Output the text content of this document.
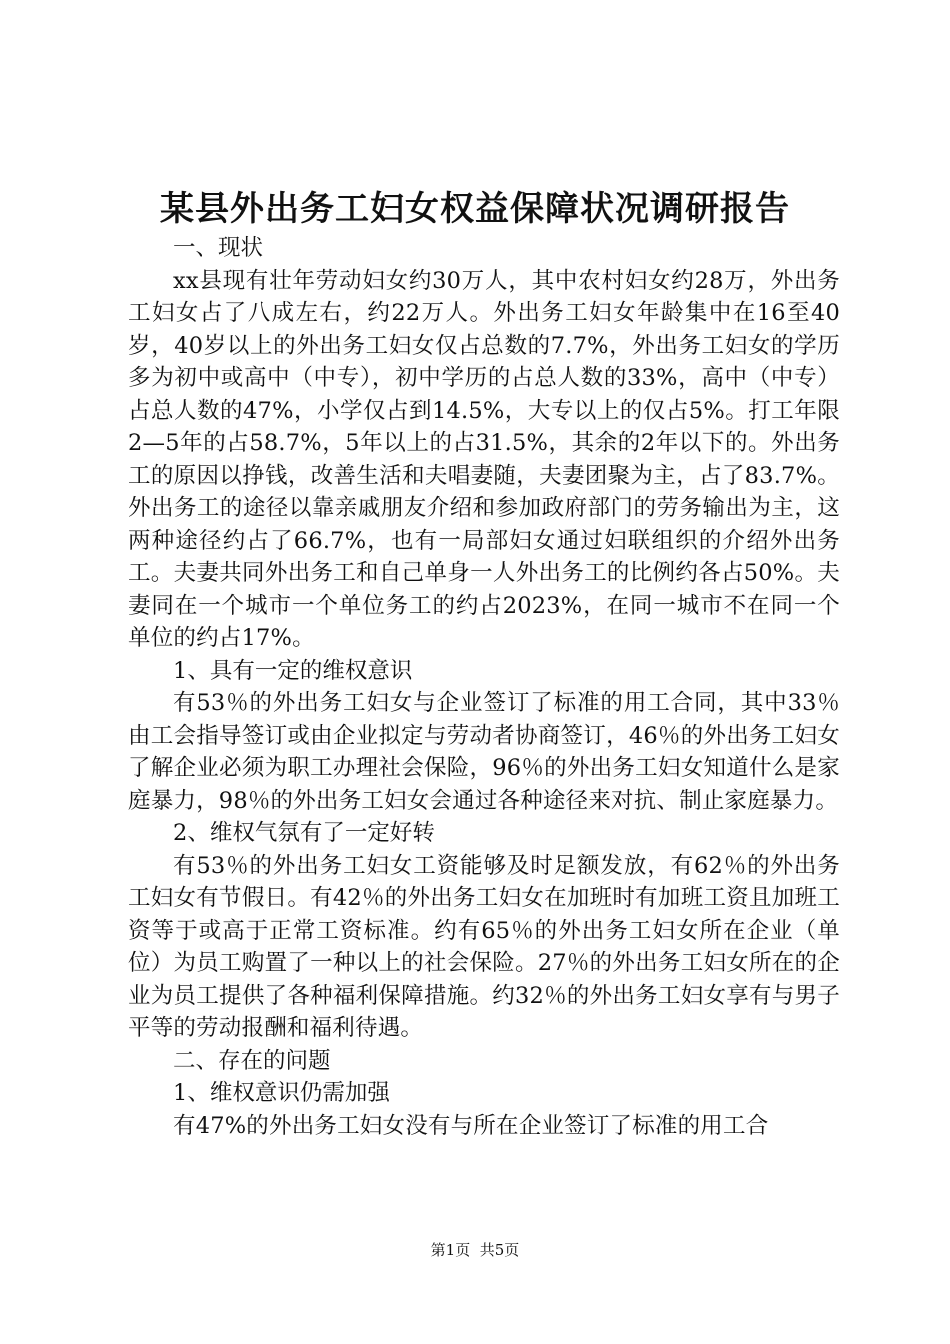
某县外出务工妇女权益保障状况调研报告

一、现状

xx县现有壮年劳动妇女约30万人，其中农村妇女约28万，外出务工妇女占了八成左右，约22万人。外出务工妇女年龄集中在16至40岁，40岁以上的外出务工妇女仅占总数的7.7%，外出务工妇女的学历多为初中或高中（中专），初中学历的占总人数的33%，高中（中专）占总人数的47%，小学仅占到14.5%，大专以上的仅占5%。打工年限2—5年的占58.7%，5年以上的占31.5%，其余的2年以下的。外出务工的原因以挣钱，改善生活和夫唱妻随，夫妻团聚为主，占了83.7%。外出务工的途径以靠亲戚朋友介绍和参加政府部门的劳务输出为主，这两种途径约占了66.7%，也有一局部妇女通过妇联组织的介绍外出务工。夫妻共同外出务工和自己单身一人外出务工的比例约各占50%。夫妻同在一个城市一个单位务工的约占2023%，在同一城市不在同一个单位的约占17%。

1、具有一定的维权意识

有53％的外出务工妇女与企业签订了标准的用工合同，其中33％由工会指导签订或由企业拟定与劳动者协商签订，46％的外出务工妇女了解企业必须为职工办理社会保险，96％的外出务工妇女知道什么是家庭暴力，98％的外出务工妇女会通过各种途径来对抗、制止家庭暴力。

2、维权气氛有了一定好转

有53％的外出务工妇女工资能够及时足额发放，有62％的外出务工妇女有节假日。有42％的外出务工妇女在加班时有加班工资且加班工资等于或高于正常工资标准。约有65％的外出务工妇女所在企业（单位）为员工购置了一种以上的社会保险。27％的外出务工妇女所在的企业为员工提供了各种福利保障措施。约32％的外出务工妇女享有与男子平等的劳动报酬和福利待遇。

二、存在的问题

1、维权意识仍需加强

有47%的外出务工妇女没有与所在企业签订了标准的用工合

第1页 共5页
